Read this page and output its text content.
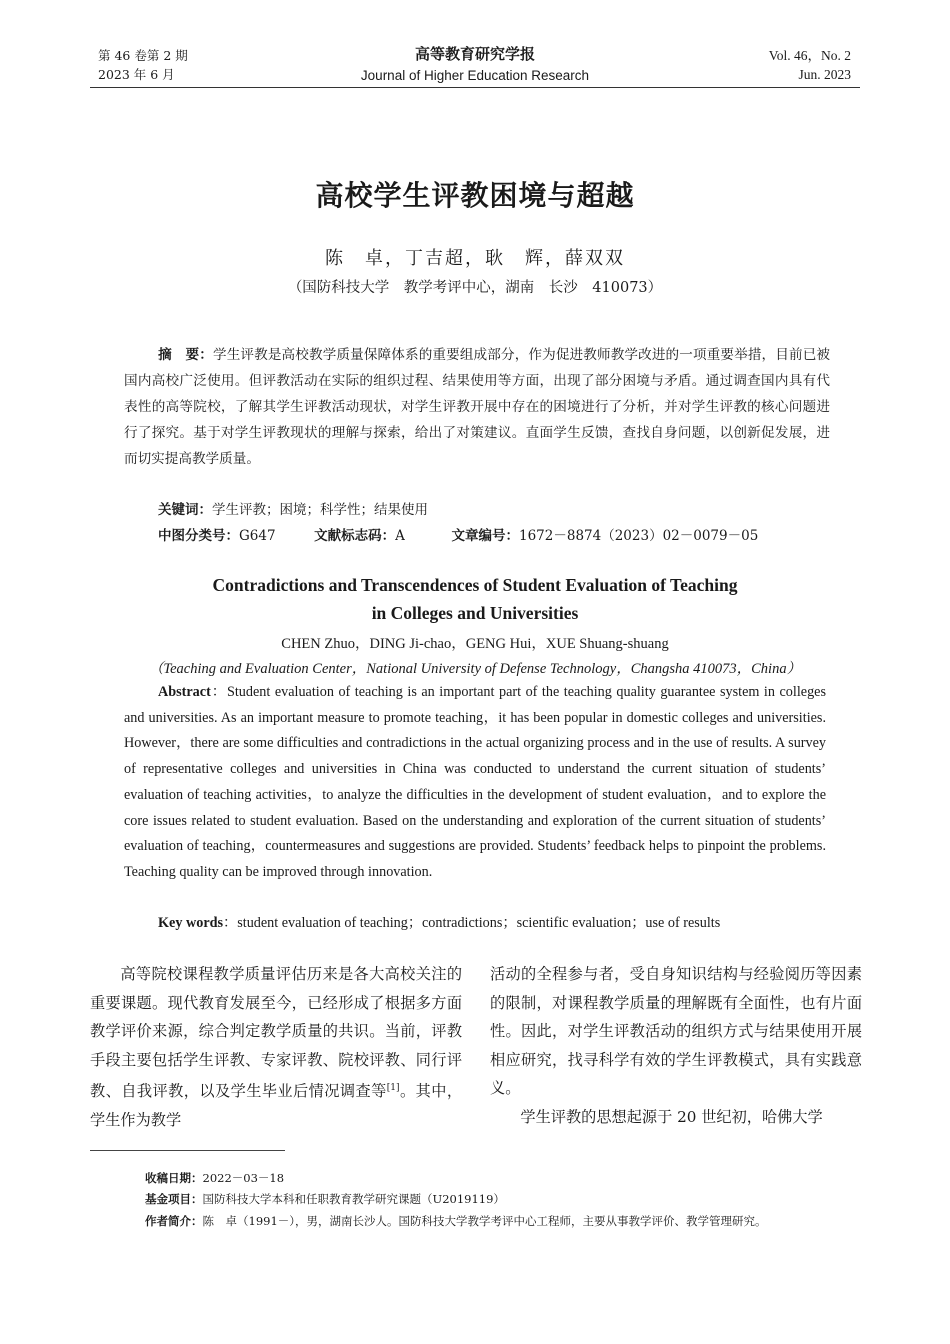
第 46 卷第 2 期
2023 年 6 月
高等教育研究学报
Journal of Higher Education Research
Vol. 46，No. 2
Jun. 2023
高校学生评教困境与超越
陈　卓，丁吉超，耿　辉，薛双双
（国防科技大学　教学考评中心，湖南　长沙　410073）
摘　要：学生评教是高校教学质量保障体系的重要组成部分，作为促进教师教学改进的一项重要举措，目前已被国内高校广泛使用。但评教活动在实际的组织过程、结果使用等方面，出现了部分困境与矛盾。通过调查国内具有代表性的高等院校，了解其学生评教活动现状，对学生评教开展中存在的困境进行了分析，并对学生评教的核心问题进行了探究。基于对学生评教现状的理解与探索，给出了对策建议。直面学生反馈，查找自身问题，以创新促发展，进而切实提高教学质量。
关键词：学生评教；困境；科学性；结果使用
中图分类号：G647	文献标志码：A	文章编号：1672－8874（2023）02－0079－05
Contradictions and Transcendences of Student Evaluation of Teaching
in Colleges and Universities
CHEN Zhuo，DING Ji-chao，GENG Hui，XUE Shuang-shuang
（Teaching and Evaluation Center，National University of Defense Technology，Changsha 410073，China）
Abstract：Student evaluation of teaching is an important part of the teaching quality guarantee system in colleges and universities. As an important measure to promote teaching，it has been popular in domestic colleges and universities. However，there are some difficulties and contradictions in the actual organizing process and in the use of results. A survey of representative colleges and universities in China was conducted to understand the current situation of students’ evaluation of teaching activities，to analyze the difficulties in the development of student evaluation，and to explore the core issues related to student evaluation. Based on the understanding and exploration of the current situation of students’ evaluation of teaching，countermeasures and suggestions are provided. Students’ feedback helps to pinpoint the problems. Teaching quality can be improved through innovation.
Key words：student evaluation of teaching；contradictions；scientific evaluation；use of results
高等院校课程教学质量评估历来是各大高校关注的重要课题。现代教育发展至今，已经形成了根据多方面教学评价来源，综合判定教学质量的共识。当前，评教手段主要包括学生评教、专家评教、院校评教、同行评教、自我评教，以及学生毕业后情况调查等[1]。其中，学生作为教学
活动的全程参与者，受自身知识结构与经验阅历等因素的限制，对课程教学质量的理解既有全面性，也有片面性。因此，对学生评教活动的组织方式与结果使用开展相应研究，找寻科学有效的学生评教模式，具有实践意义。
学生评教的思想起源于 20 世纪初，哈佛大学
收稿日期：2022－03－18
基金项目：国防科技大学本科和任职教育教学研究课题（U2019119）
作者简介：陈　卓（1991－），男，湖南长沙人。国防科技大学教学考评中心工程师，主要从事教学评价、教学管理研究。
